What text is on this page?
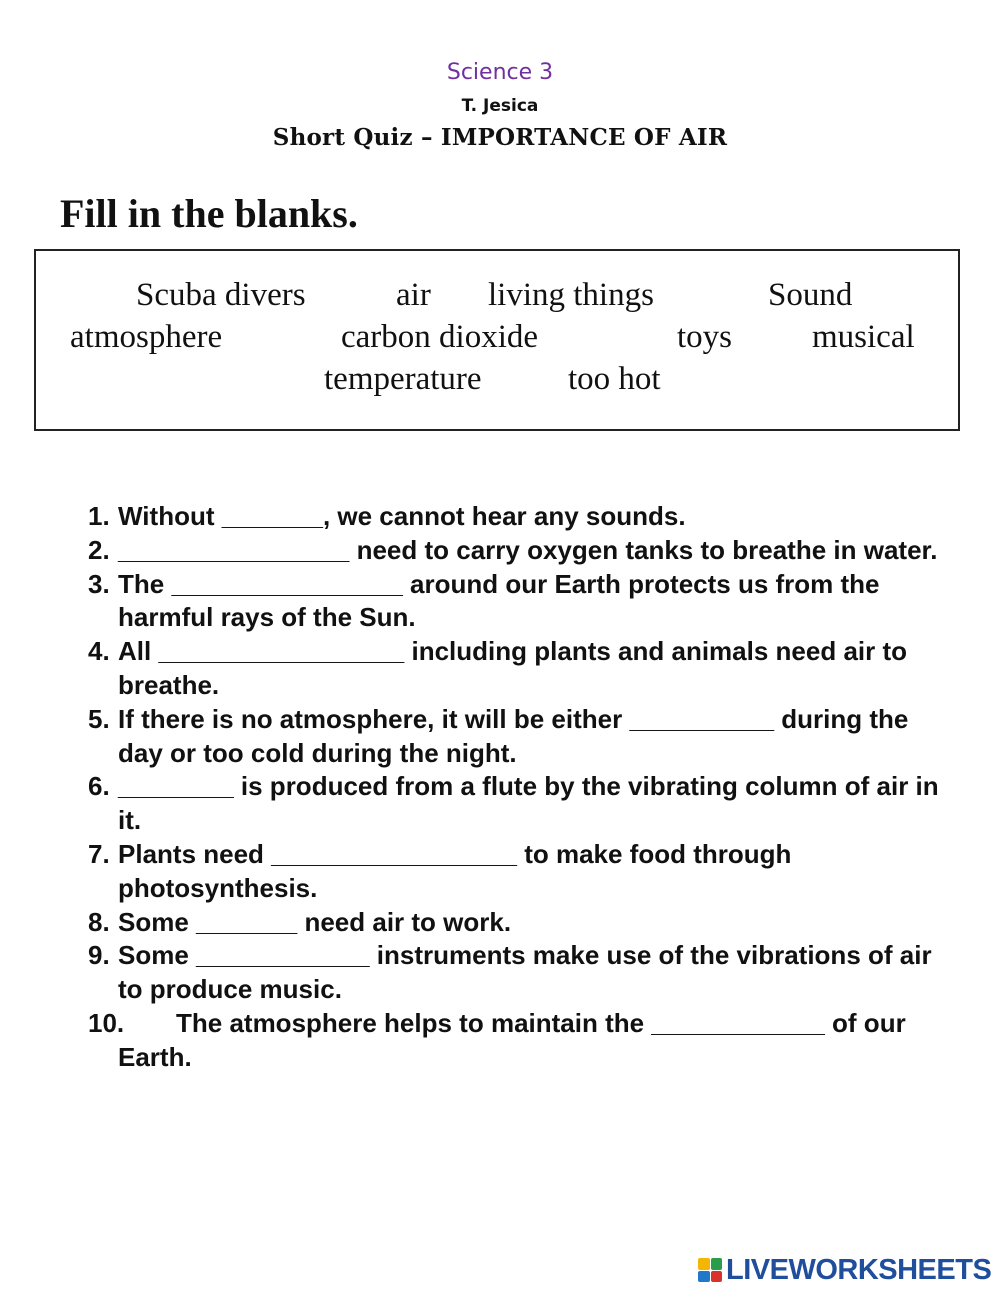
Science 3
T. Jesica
Short Quiz – IMPORTANCE OF AIR
Fill in the blanks.
Scuba divers	air living things	Sound
atmosphere	carbon dioxide	toys musical
temperature	too hot

1. Without _______, we cannot hear any sounds.

2. ________________ need to carry oxygen tanks to breathe in water.

3. The ________________ around our Earth protects us from the harmful rays of the Sun.

4. All _________________ including plants and animals need air to breathe.

5. If there is no atmosphere, it will be either __________ during the day or too cold during the night.

6. ________ is produced from a flute by the vibrating column of air in it.

7. Plants need _________________ to make food through photosynthesis.

8. Some _______ need air to work.

9. Some ____________ instruments make use of the vibrations of air to produce music.

10. The atmosphere helps to maintain the ____________ of our Earth.

LIVEWORKSHEETS
